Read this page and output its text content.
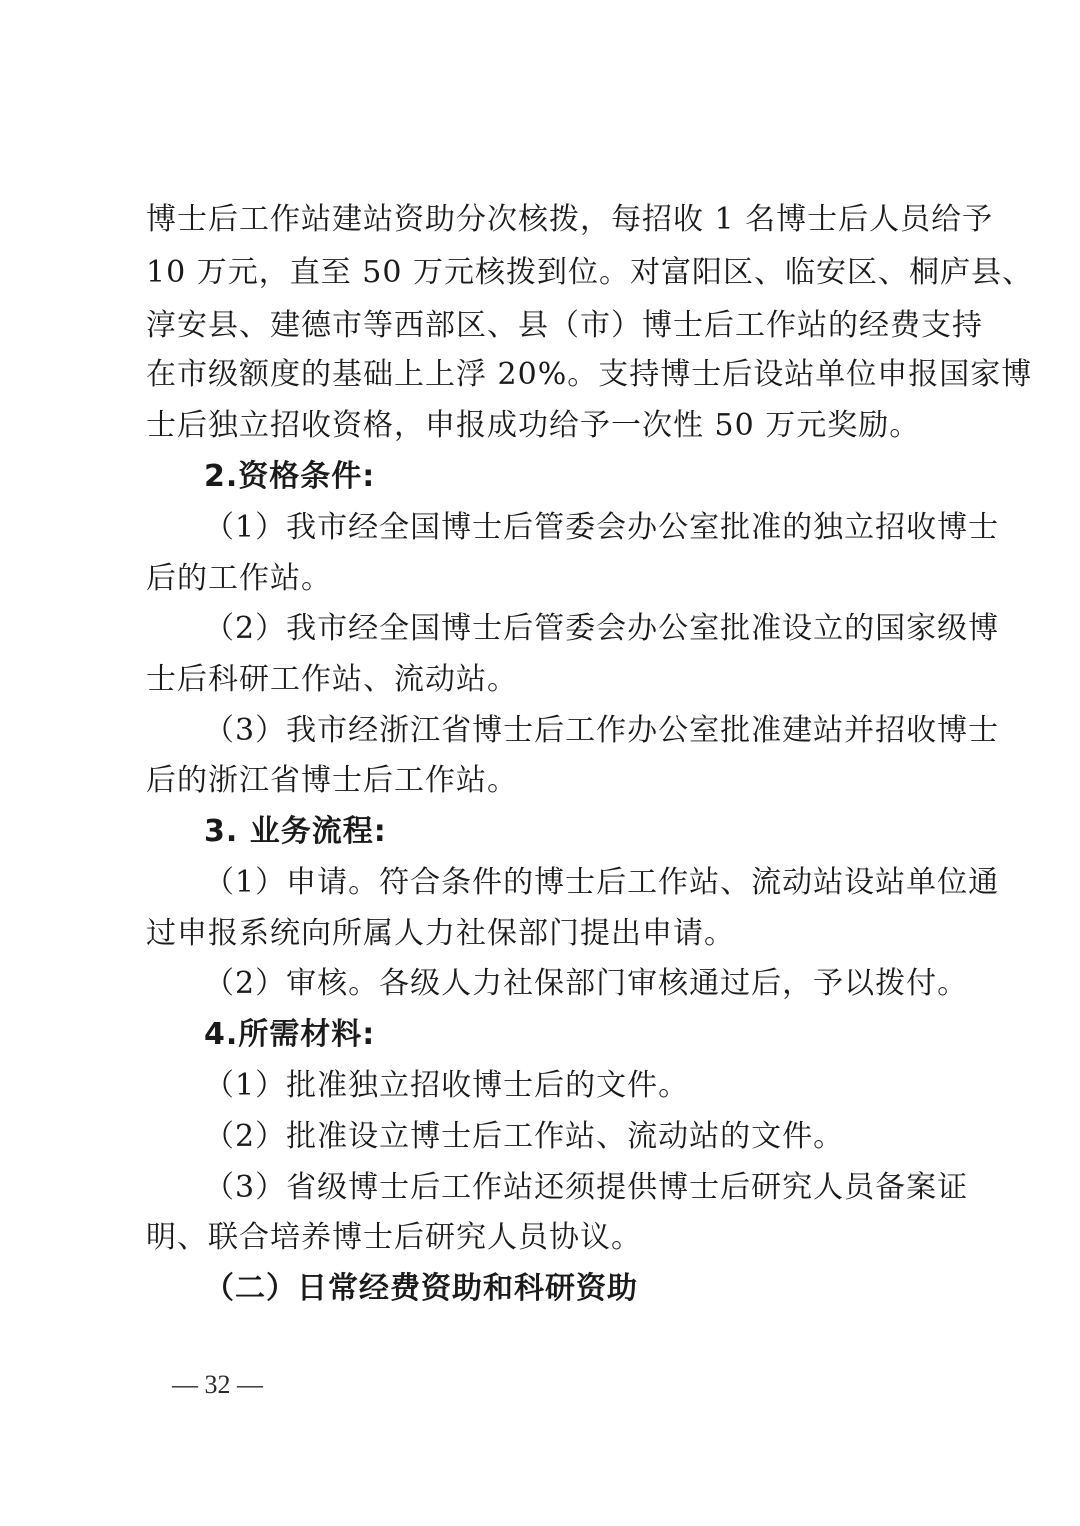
博士后工作站建站资助分次核拨，每招收 1 名博士后人员给予
10 万元，直至 50 万元核拨到位。对富阳区、临安区、桐庐县、
淳安县、建德市等西部区、县（市）博士后工作站的经费支持
在市级额度的基础上上浮 20%。支持博士后设站单位申报国家博
士后独立招收资格，申报成功给予一次性 50 万元奖励。
2.资格条件:
（1）我市经全国博士后管委会办公室批准的独立招收博士
后的工作站。
（2）我市经全国博士后管委会办公室批准设立的国家级博
士后科研工作站、流动站。
（3）我市经浙江省博士后工作办公室批准建站并招收博士
后的浙江省博士后工作站。
3. 业务流程:
（1）申请。符合条件的博士后工作站、流动站设站单位通
过申报系统向所属人力社保部门提出申请。
（2）审核。各级人力社保部门审核通过后，予以拨付。
4.所需材料:
（1）批准独立招收博士后的文件。
（2）批准设立博士后工作站、流动站的文件。
（3）省级博士后工作站还须提供博士后研究人员备案证
明、联合培养博士后研究人员协议。
（二）日常经费资助和科研资助
— 32 —
